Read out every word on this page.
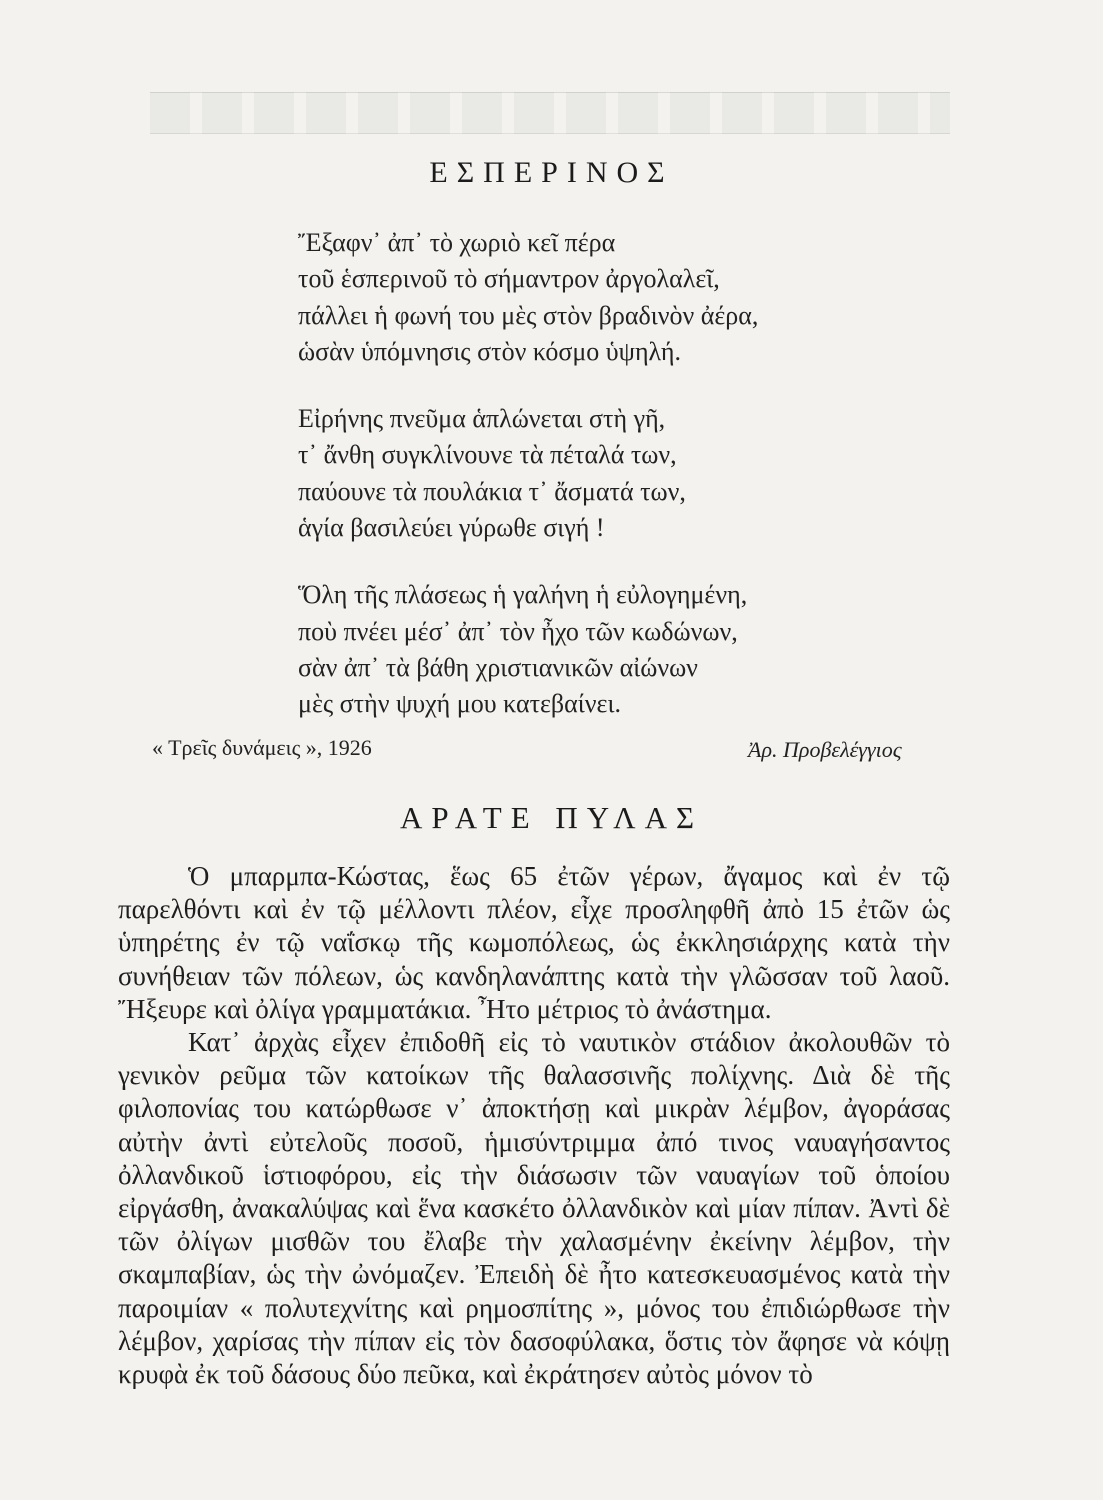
ΕΣΠΕΡΙΝΟΣ
Ἔξαφν᾽ ἀπ᾽ τὸ χωριὸ κεῖ πέρα
τοῦ ἑσπερινοῦ τὸ σήμαντρον ἀργολαλεῖ,
πάλλει ἡ φωνή του μὲς στὸν βραδινὸν ἀέρα,
ὡσὰν ὑπόμνησις στὸν κόσμο ὑψηλή.
Εἰρήνης πνεῦμα ἁπλώνεται στὴ γῆ,
τ᾽ ἄνθη συγκλίνουνε τὰ πέταλά των,
παύουνε τὰ πουλάκια τ᾽ ἄσματά των,
ἁγία βασιλεύει γύρωθε σιγή !
Ὅλη τῆς πλάσεως ἡ γαλήνη ἡ εὐλογημένη,
ποὺ πνέει μέσ᾽ ἀπ᾽ τὸν ἦχο τῶν κωδώνων,
σὰν ἀπ᾽ τὰ βάθη χριστιανικῶν αἰώνων
μὲς στὴν ψυχή μου κατεβαίνει.
« Τρεῖς δυνάμεις », 1926	Ἀρ. Προβελέγγιος
ΑΡΑΤΕ ΠΥΛΑΣ

Ὁ μπαρμπα-Κώστας, ἕως 65 ἐτῶν γέρων, ἄγαμος καὶ ἐν τῷ παρελθόντι καὶ ἐν τῷ μέλλοντι πλέον, εἶχε προσληφθῆ ἀπὸ 15 ἐτῶν ὡς ὑπηρέτης ἐν τῷ ναΐσκῳ τῆς κωμοπόλεως, ὡς ἐκκλησιάρχης κατὰ τὴν συνήθειαν τῶν πόλεων, ὡς κανδηλανάπτης κατὰ τὴν γλῶσσαν τοῦ λαοῦ. Ἤξευρε καὶ ὀλίγα γραμματάκια. Ἦτο μέτριος τὸ ἀνάστημα.

Κατ᾽ ἀρχὰς εἶχεν ἐπιδοθῆ εἰς τὸ ναυτικὸν στάδιον ἀκολουθῶν τὸ γενικὸν ρεῦμα τῶν κατοίκων τῆς θαλασσινῆς πολίχνης. Διὰ δὲ τῆς φιλοπονίας του κατώρθωσε ν᾽ ἀποκτήσῃ καὶ μικρὰν λέμβον, ἀγοράσας αὐτὴν ἀντὶ εὐτελοῦς ποσοῦ, ἡμισύντριμμα ἀπό τινος ναυαγήσαντος ὀλλανδικοῦ ἱστιοφόρου, εἰς τὴν διάσωσιν τῶν ναυαγίων τοῦ ὁποίου εἰργάσθη, ἀνακαλύψας καὶ ἕνα κασκέτο ὀλλανδικὸν καὶ μίαν πίπαν. Ἀντὶ δὲ τῶν ὀλίγων μισθῶν του ἔλαβε τὴν χαλασμένην ἐκείνην λέμβον, τὴν σκαμπαβίαν, ὡς τὴν ὠνόμαζεν. Ἐπειδὴ δὲ ἦτο κατεσκευασμένος κατὰ τὴν παροιμίαν « πολυτεχνίτης καὶ ρημοσπίτης », μόνος του ἐπιδιώρθωσε τὴν λέμβον, χαρίσας τὴν πίπαν εἰς τὸν δασοφύλακα, ὅστις τὸν ἄφησε νὰ κόψῃ κρυφὰ ἐκ τοῦ δάσους δύο πεῦκα, καὶ ἐκράτησεν αὐτὸς μόνον τὸ
